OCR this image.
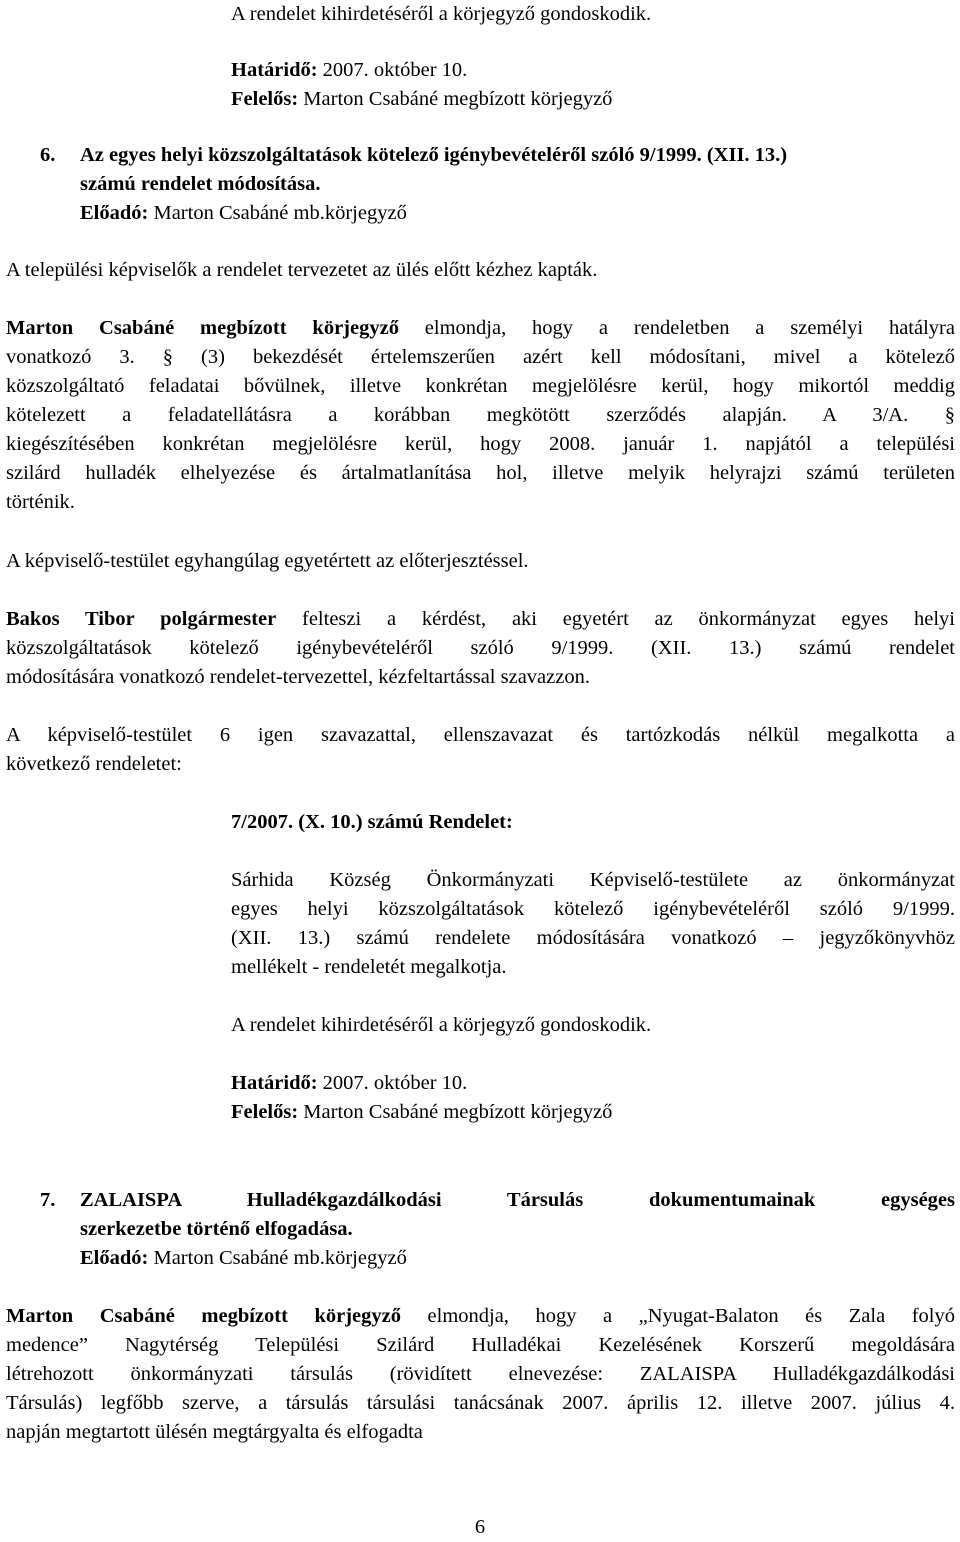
A rendelet kihirdetéséről a körjegyző gondoskodik.
Határidő: 2007. október 10.
Felelős: Marton Csabáné megbízott körjegyző
6. Az egyes helyi közszolgáltatások kötelező igénybevételéről szóló 9/1999. (XII. 13.)
számú rendelet módosítása.
Előadó: Marton Csabáné mb.körjegyző
A települési képviselők a rendelet tervezetet az ülés előtt kézhez kapták.
Marton Csabáné megbízott körjegyző elmondja, hogy a rendeletben a személyi hatályra
vonatkozó 3. § (3) bekezdését értelemszerűen azért kell módosítani, mivel a kötelező
közszolgáltató feladatai bővülnek, illetve konkrétan megjelölésre kerül, hogy mikortól meddig
kötelezett a feladatellátásra a korábban megkötött szerződés alapján. A 3/A. §
kiegészítésében konkrétan megjelölésre kerül, hogy 2008. január 1. napjától a települési
szilárd hulladék elhelyezése és ártalmatlanítása hol, illetve melyik helyrajzi számú területen
történik.
A képviselő-testület egyhangúlag egyetértett az előterjesztéssel.
Bakos Tibor polgármester felteszi a kérdést, aki egyetért az önkormányzat egyes helyi
közszolgáltatások kötelező igénybevételéről szóló 9/1999. (XII. 13.) számú rendelet
módosítására vonatkozó rendelet-tervezettel, kézfeltartással szavazzon.
A képviselő-testület 6 igen szavazattal, ellenszavazat és tartózkodás nélkül megalkotta a
következő rendeletet:
7/2007. (X. 10.) számú Rendelet:
Sárhida Község Önkormányzati Képviselő-testülete az önkormányzat
egyes helyi közszolgáltatások kötelező igénybevételéről szóló 9/1999.
(XII. 13.) számú rendelete módosítására vonatkozó – jegyzőkönyvhöz
mellékelt - rendeletét megalkotja.
A rendelet kihirdetéséről a körjegyző gondoskodik.
Határidő: 2007. október 10.
Felelős: Marton Csabáné megbízott körjegyző
7. ZALAISPA Hulladékgazdálkodási Társulás dokumentumainak egységes
szerkezetbe történő elfogadása.
Előadó: Marton Csabáné mb.körjegyző
Marton Csabáné megbízott körjegyző elmondja, hogy a „Nyugat-Balaton és Zala folyó
medence” Nagytérség Települési Szilárd Hulladékai Kezelésének Korszerű megoldására
létrehozott önkormányzati társulás (rövidített elnevezése: ZALAISPA Hulladékgazdálkodási
Társulás) legfőbb szerve, a társulás társulási tanácsának 2007. április 12. illetve 2007. július 4.
napján megtartott ülésén megtárgyalta és elfogadta
6
